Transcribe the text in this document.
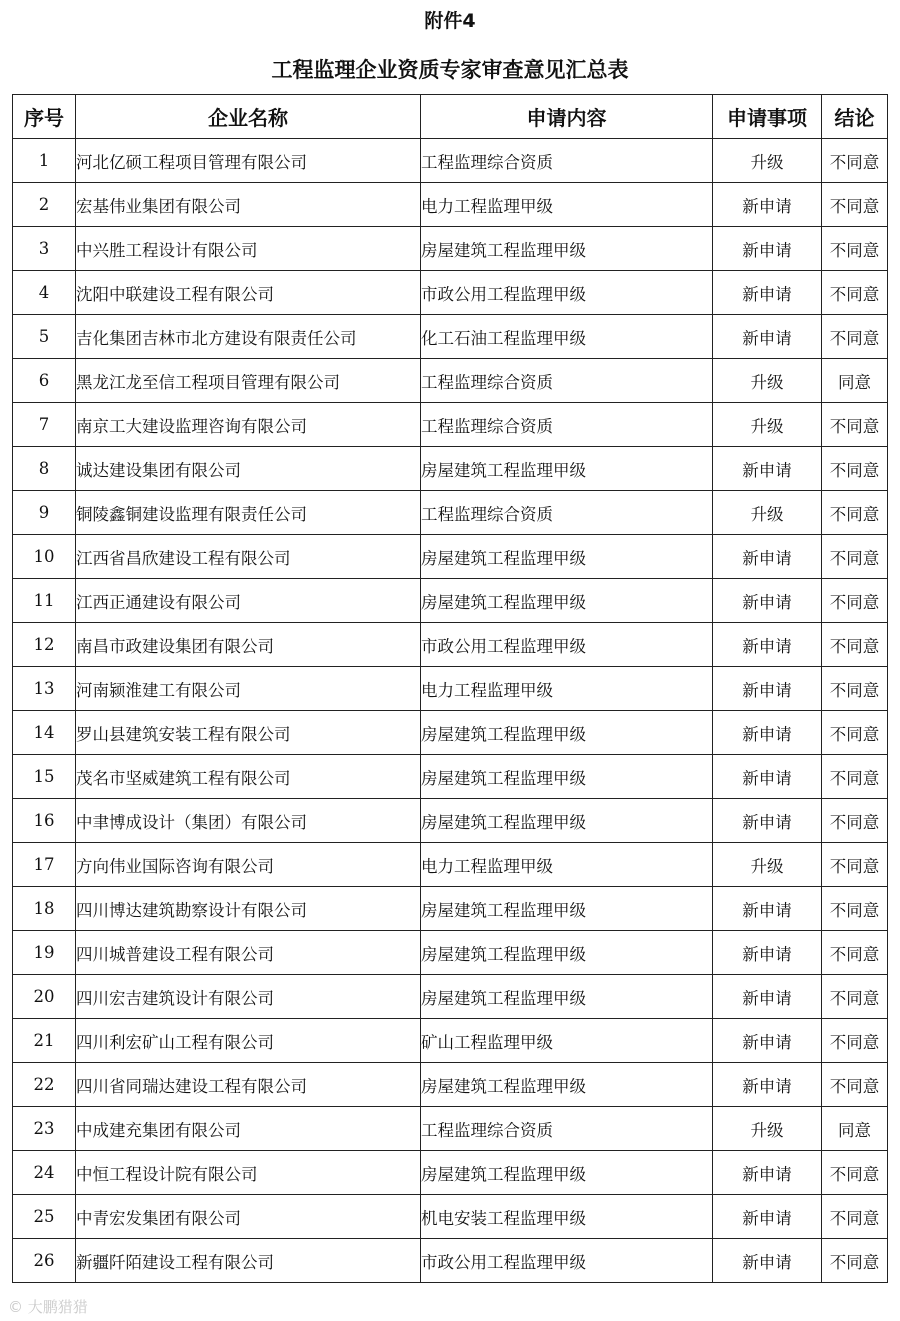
附件4
工程监理企业资质专家审查意见汇总表
序号	企业名称	申请内容	申请事项	结论
1	河北亿硕工程项目管理有限公司	工程监理综合资质	升级	不同意
2	宏基伟业集团有限公司	电力工程监理甲级	新申请	不同意
3	中兴胜工程设计有限公司	房屋建筑工程监理甲级	新申请	不同意
4	沈阳中联建设工程有限公司	市政公用工程监理甲级	新申请	不同意
5	吉化集团吉林市北方建设有限责任公司	化工石油工程监理甲级	新申请	不同意
6	黑龙江龙至信工程项目管理有限公司	工程监理综合资质	升级	同意
7	南京工大建设监理咨询有限公司	工程监理综合资质	升级	不同意
8	诚达建设集团有限公司	房屋建筑工程监理甲级	新申请	不同意
9	铜陵鑫铜建设监理有限责任公司	工程监理综合资质	升级	不同意
10	江西省昌欣建设工程有限公司	房屋建筑工程监理甲级	新申请	不同意
11	江西正通建设有限公司	房屋建筑工程监理甲级	新申请	不同意
12	南昌市政建设集团有限公司	市政公用工程监理甲级	新申请	不同意
13	河南颍淮建工有限公司	电力工程监理甲级	新申请	不同意
14	罗山县建筑安装工程有限公司	房屋建筑工程监理甲级	新申请	不同意
15	茂名市坚威建筑工程有限公司	房屋建筑工程监理甲级	新申请	不同意
16	中聿博成设计（集团）有限公司	房屋建筑工程监理甲级	新申请	不同意
17	方向伟业国际咨询有限公司	电力工程监理甲级	升级	不同意
18	四川博达建筑勘察设计有限公司	房屋建筑工程监理甲级	新申请	不同意
19	四川城普建设工程有限公司	房屋建筑工程监理甲级	新申请	不同意
20	四川宏吉建筑设计有限公司	房屋建筑工程监理甲级	新申请	不同意
21	四川利宏矿山工程有限公司	矿山工程监理甲级	新申请	不同意
22	四川省同瑞达建设工程有限公司	房屋建筑工程监理甲级	新申请	不同意
23	中成建充集团有限公司	工程监理综合资质	升级	同意
24	中恒工程设计院有限公司	房屋建筑工程监理甲级	新申请	不同意
25	中青宏发集团有限公司	机电安装工程监理甲级	新申请	不同意
26	新疆阡陌建设工程有限公司	市政公用工程监理甲级	新申请	不同意
© 大鹏猎猎
